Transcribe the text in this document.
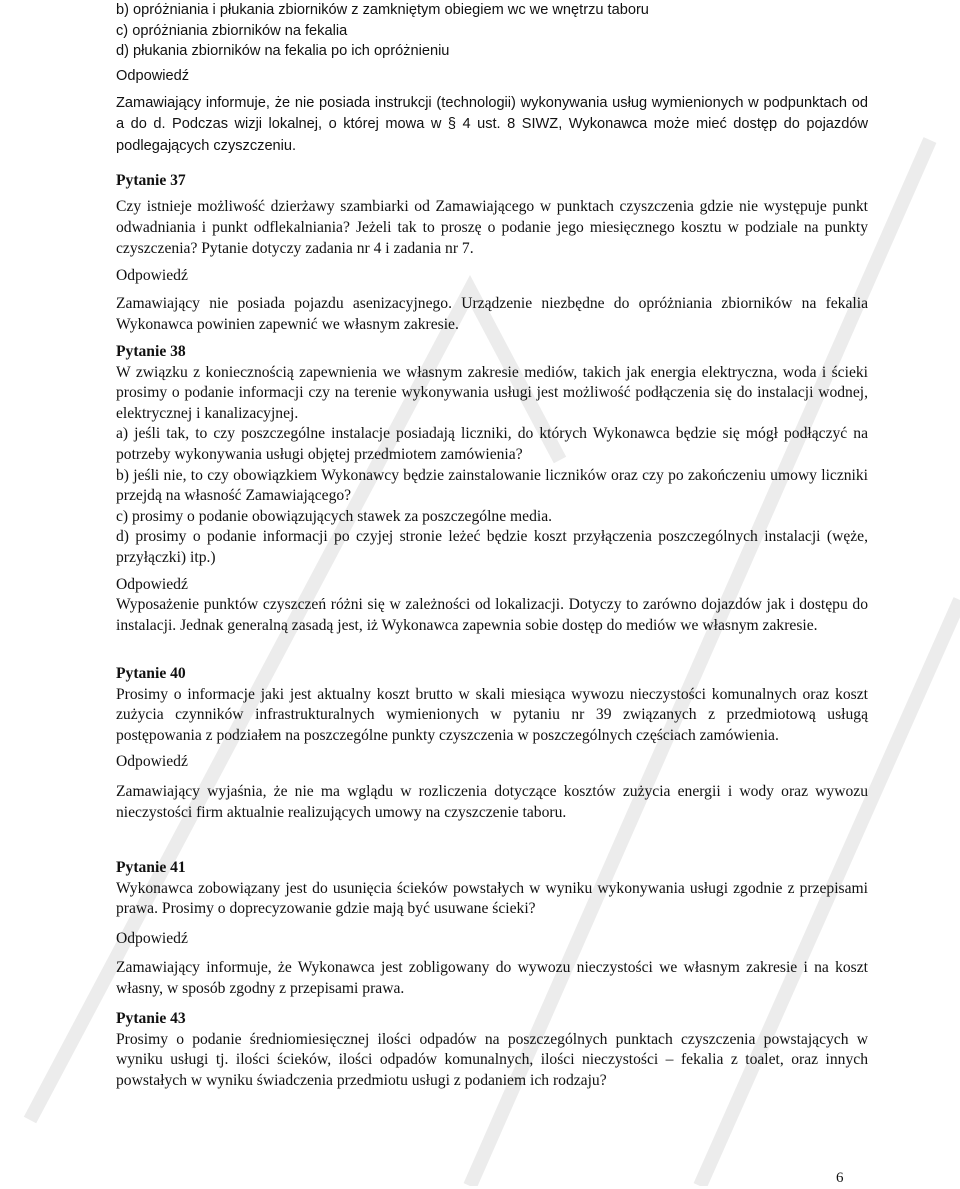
b) opróżniania i płukania zbiorników z zamkniętym obiegiem wc we wnętrzu taboru

c) opróżniania zbiorników na fekalia

d) płukania zbiorników na fekalia po ich opróżnieniu

Odpowiedź

Zamawiający informuje, że nie posiada instrukcji (technologii) wykonywania usług wymienionych w podpunktach od a do d. Podczas wizji lokalnej, o której mowa w § 4 ust. 8 SIWZ, Wykonawca może mieć dostęp do pojazdów podlegających czyszczeniu.

Pytanie 37

Czy istnieje możliwość dzierżawy szambiarki od Zamawiającego w punktach czyszczenia gdzie nie występuje punkt odwadniania i punkt odflekalniania? Jeżeli tak to proszę o podanie jego miesięcznego kosztu w podziale na punkty czyszczenia? Pytanie dotyczy zadania nr 4 i zadania nr 7.

Odpowiedź

Zamawiający nie posiada pojazdu asenizacyjnego. Urządzenie niezbędne do opróżniania zbiorników na fekalia Wykonawca powinien zapewnić we własnym zakresie.

Pytanie 38

W związku z koniecznością zapewnienia we własnym zakresie mediów, takich jak energia elektryczna, woda i ścieki prosimy o podanie informacji czy na terenie wykonywania usługi jest możliwość podłączenia się do instalacji wodnej, elektrycznej i kanalizacyjnej.

a) jeśli tak, to czy poszczególne instalacje posiadają liczniki, do których Wykonawca będzie się mógł podłączyć na potrzeby wykonywania usługi objętej przedmiotem zamówienia?

b) jeśli nie, to czy obowiązkiem Wykonawcy będzie zainstalowanie liczników oraz czy po zakończeniu umowy liczniki przejdą na własność Zamawiającego?

c) prosimy o podanie obowiązujących stawek za poszczególne media.

d) prosimy o podanie informacji po czyjej stronie leżeć będzie koszt przyłączenia poszczególnych instalacji (węże, przyłączki) itp.)

Odpowiedź

Wyposażenie punktów czyszczeń różni się w zależności od lokalizacji. Dotyczy to zarówno dojazdów jak i dostępu do instalacji. Jednak generalną zasadą jest, iż Wykonawca zapewnia sobie dostęp do mediów we własnym zakresie.

Pytanie 40

Prosimy o informacje jaki jest aktualny koszt brutto w skali miesiąca wywozu nieczystości komunalnych oraz koszt zużycia czynników infrastrukturalnych wymienionych w pytaniu nr 39 związanych z przedmiotową usługą postępowania z podziałem na poszczególne punkty czyszczenia w poszczególnych częściach zamówienia.

Odpowiedź

Zamawiający wyjaśnia, że nie ma wglądu w rozliczenia dotyczące kosztów zużycia energii i wody oraz wywozu nieczystości firm aktualnie realizujących umowy na czyszczenie taboru.

Pytanie 41

Wykonawca zobowiązany jest do usunięcia ścieków powstałych w wyniku wykonywania usługi zgodnie z przepisami prawa. Prosimy o doprecyzowanie gdzie mają być usuwane ścieki?

Odpowiedź

Zamawiający informuje, że Wykonawca jest zobligowany do wywozu nieczystości we własnym zakresie i na koszt własny, w sposób zgodny z przepisami prawa.

Pytanie 43

Prosimy o podanie średniomiesięcznej ilości odpadów na poszczególnych punktach czyszczenia powstających w wyniku usługi tj. ilości ścieków, ilości odpadów komunalnych, ilości nieczystości – fekalia z toalet, oraz innych powstałych w wyniku świadczenia przedmiotu usługi z podaniem ich rodzaju?

6
